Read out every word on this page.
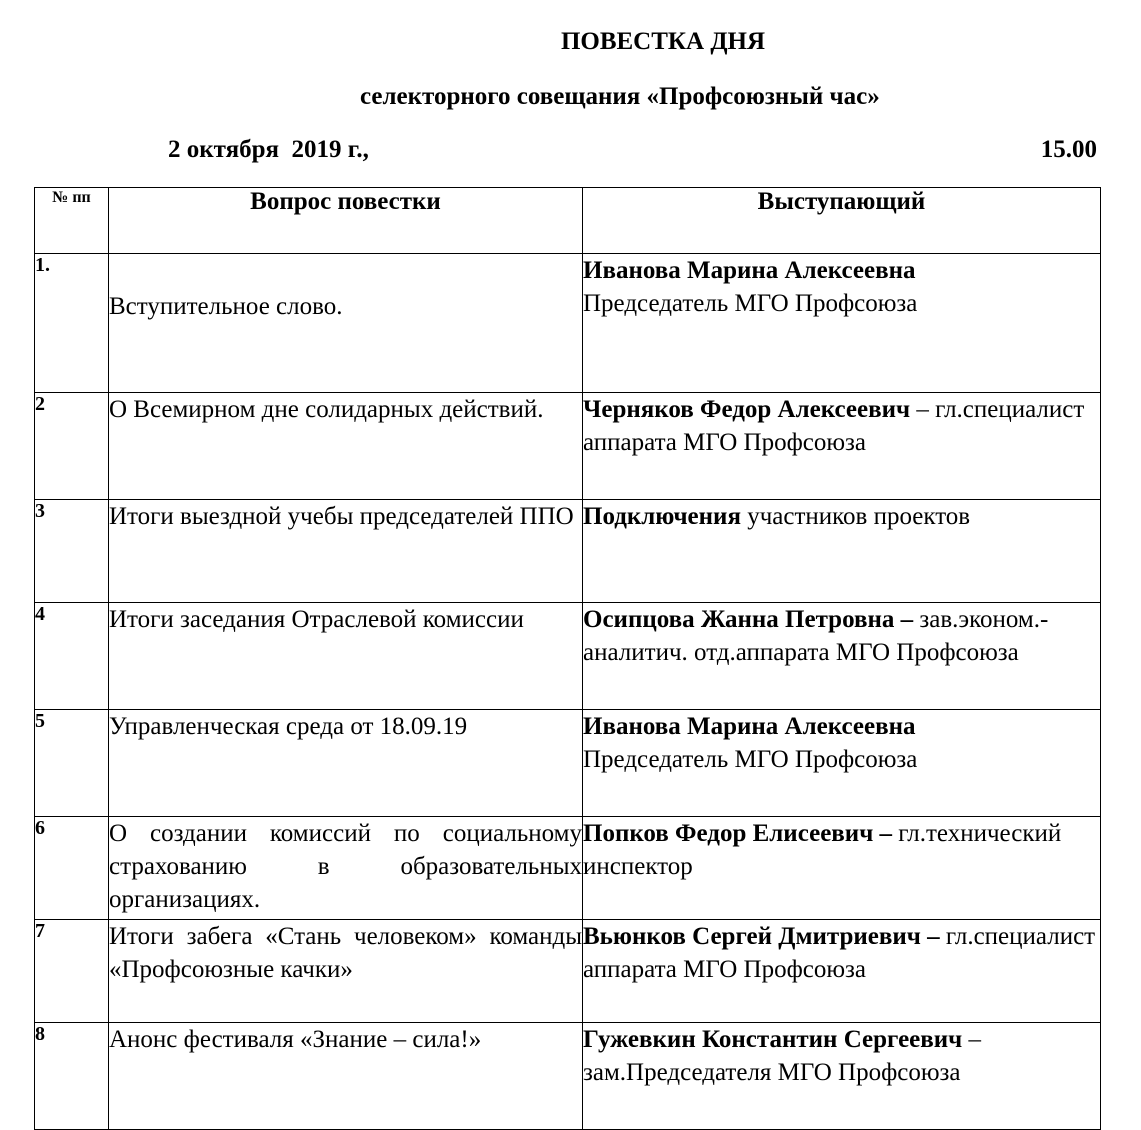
ПОВЕСТКА ДНЯ
селекторного совещания «Профсоюзный час»
2 октября  2019 г.,	15.00
№ пп	Вопрос повестки	Выступающий
1.	Вступительное слово.	Иванова Марина Алексеевна
Председатель МГО Профсоюза

2	О Всемирном дне солидарных действий.	Черняков Федор Алексеевич – гл.специалист аппарата МГО Профсоюза
3	Итоги выездной учебы председателей ППО	Подключения участников проектов
4	Итоги заседания Отраслевой комиссии	Осипцова Жанна Петровна – зав.эконом.-аналитич. отд.аппарата МГО Профсоюза
5	Управленческая среда от 18.09.19	Иванова Марина Алексеевна
Председатель МГО Профсоюза

6	О создании комиссий по социальному страхованию в образовательных организациях.	Попков Федор Елисеевич – гл.технический инспектор
7	Итоги забега «Стань человеком» команды «Профсоюзные качки»	Вьюнков Сергей Дмитриевич – гл.специалист аппарата МГО Профсоюза
8	Анонс фестиваля «Знание – сила!»	Гужевкин Константин Сергеевич – зам.Председателя МГО Профсоюза
